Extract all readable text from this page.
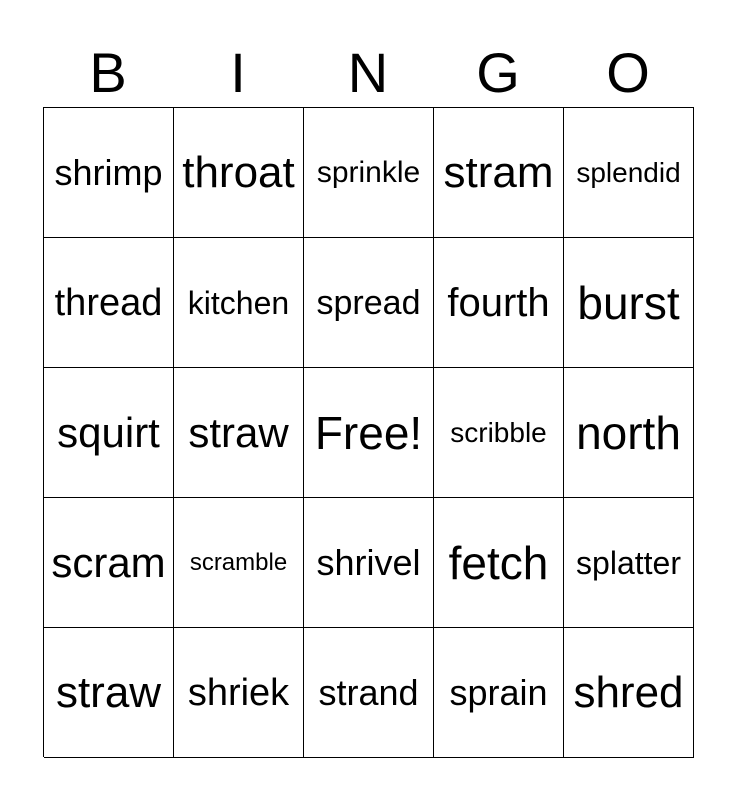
B	I	N	G	O
shrimp throat sprinkle stram splendid
thread kitchen spread fourth burst
squirt straw Free! scribble north
scram scramble shrivel fetch splatter
straw shriek strand sprain shred
